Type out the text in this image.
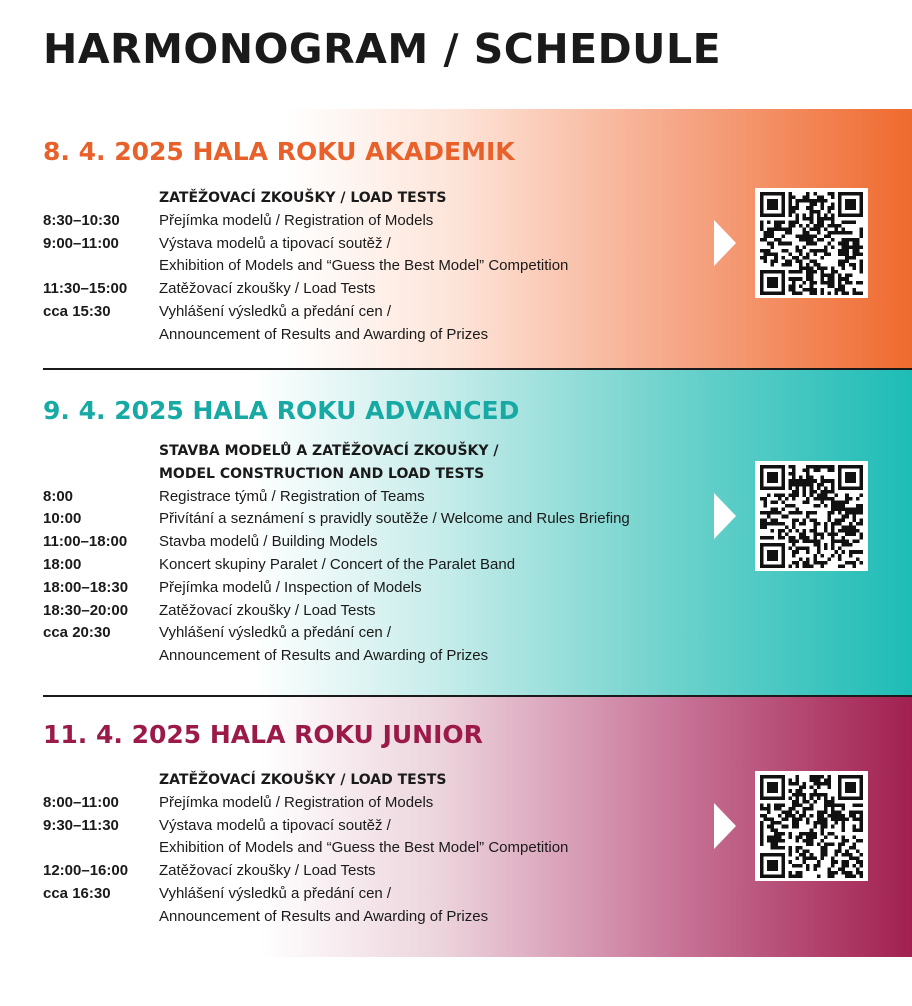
HARMONOGRAM / SCHEDULE
8. 4. 2025 HALA ROKU AKADEMIK
ZATĚŽOVACÍ ZKOUŠKY / LOAD TESTS
8:30–10:30	Přejímka modelů / Registration of Models
9:00–11:00	Výstava modelů a tipovací soutěž /
Exhibition of Models and “Guess the Best Model” Competition
11:30–15:00 Zatěžovací zkoušky / Load Tests
cca 15:30	Vyhlášení výsledků a předání cen /
Announcement of Results and Awarding of Prizes
9. 4. 2025 HALA ROKU ADVANCED
STAVBA MODELŮ A ZATĚŽOVACÍ ZKOUŠKY /
MODEL CONSTRUCTION AND LOAD TESTS
8:00	Registrace týmů / Registration of Teams
10:00	Přivítání a seznámení s pravidly soutěže / Welcome and Rules Briefing
11:00–18:00 Stavba modelů / Building Models
18:00	Koncert skupiny Paralet / Concert of the Paralet Band
18:00–18:30 Přejímka modelů / Inspection of Models
18:30–20:00 Zatěžovací zkoušky / Load Tests
cca 20:30	Vyhlášení výsledků a předání cen /
Announcement of Results and Awarding of Prizes
11. 4. 2025 HALA ROKU JUNIOR
ZATĚŽOVACÍ ZKOUŠKY / LOAD TESTS
8:00–11:00	Přejímka modelů / Registration of Models
9:30–11:30	Výstava modelů a tipovací soutěž /
Exhibition of Models and “Guess the Best Model” Competition
12:00–16:00 Zatěžovací zkoušky / Load Tests
cca 16:30	Vyhlášení výsledků a předání cen /
Announcement of Results and Awarding of Prizes
